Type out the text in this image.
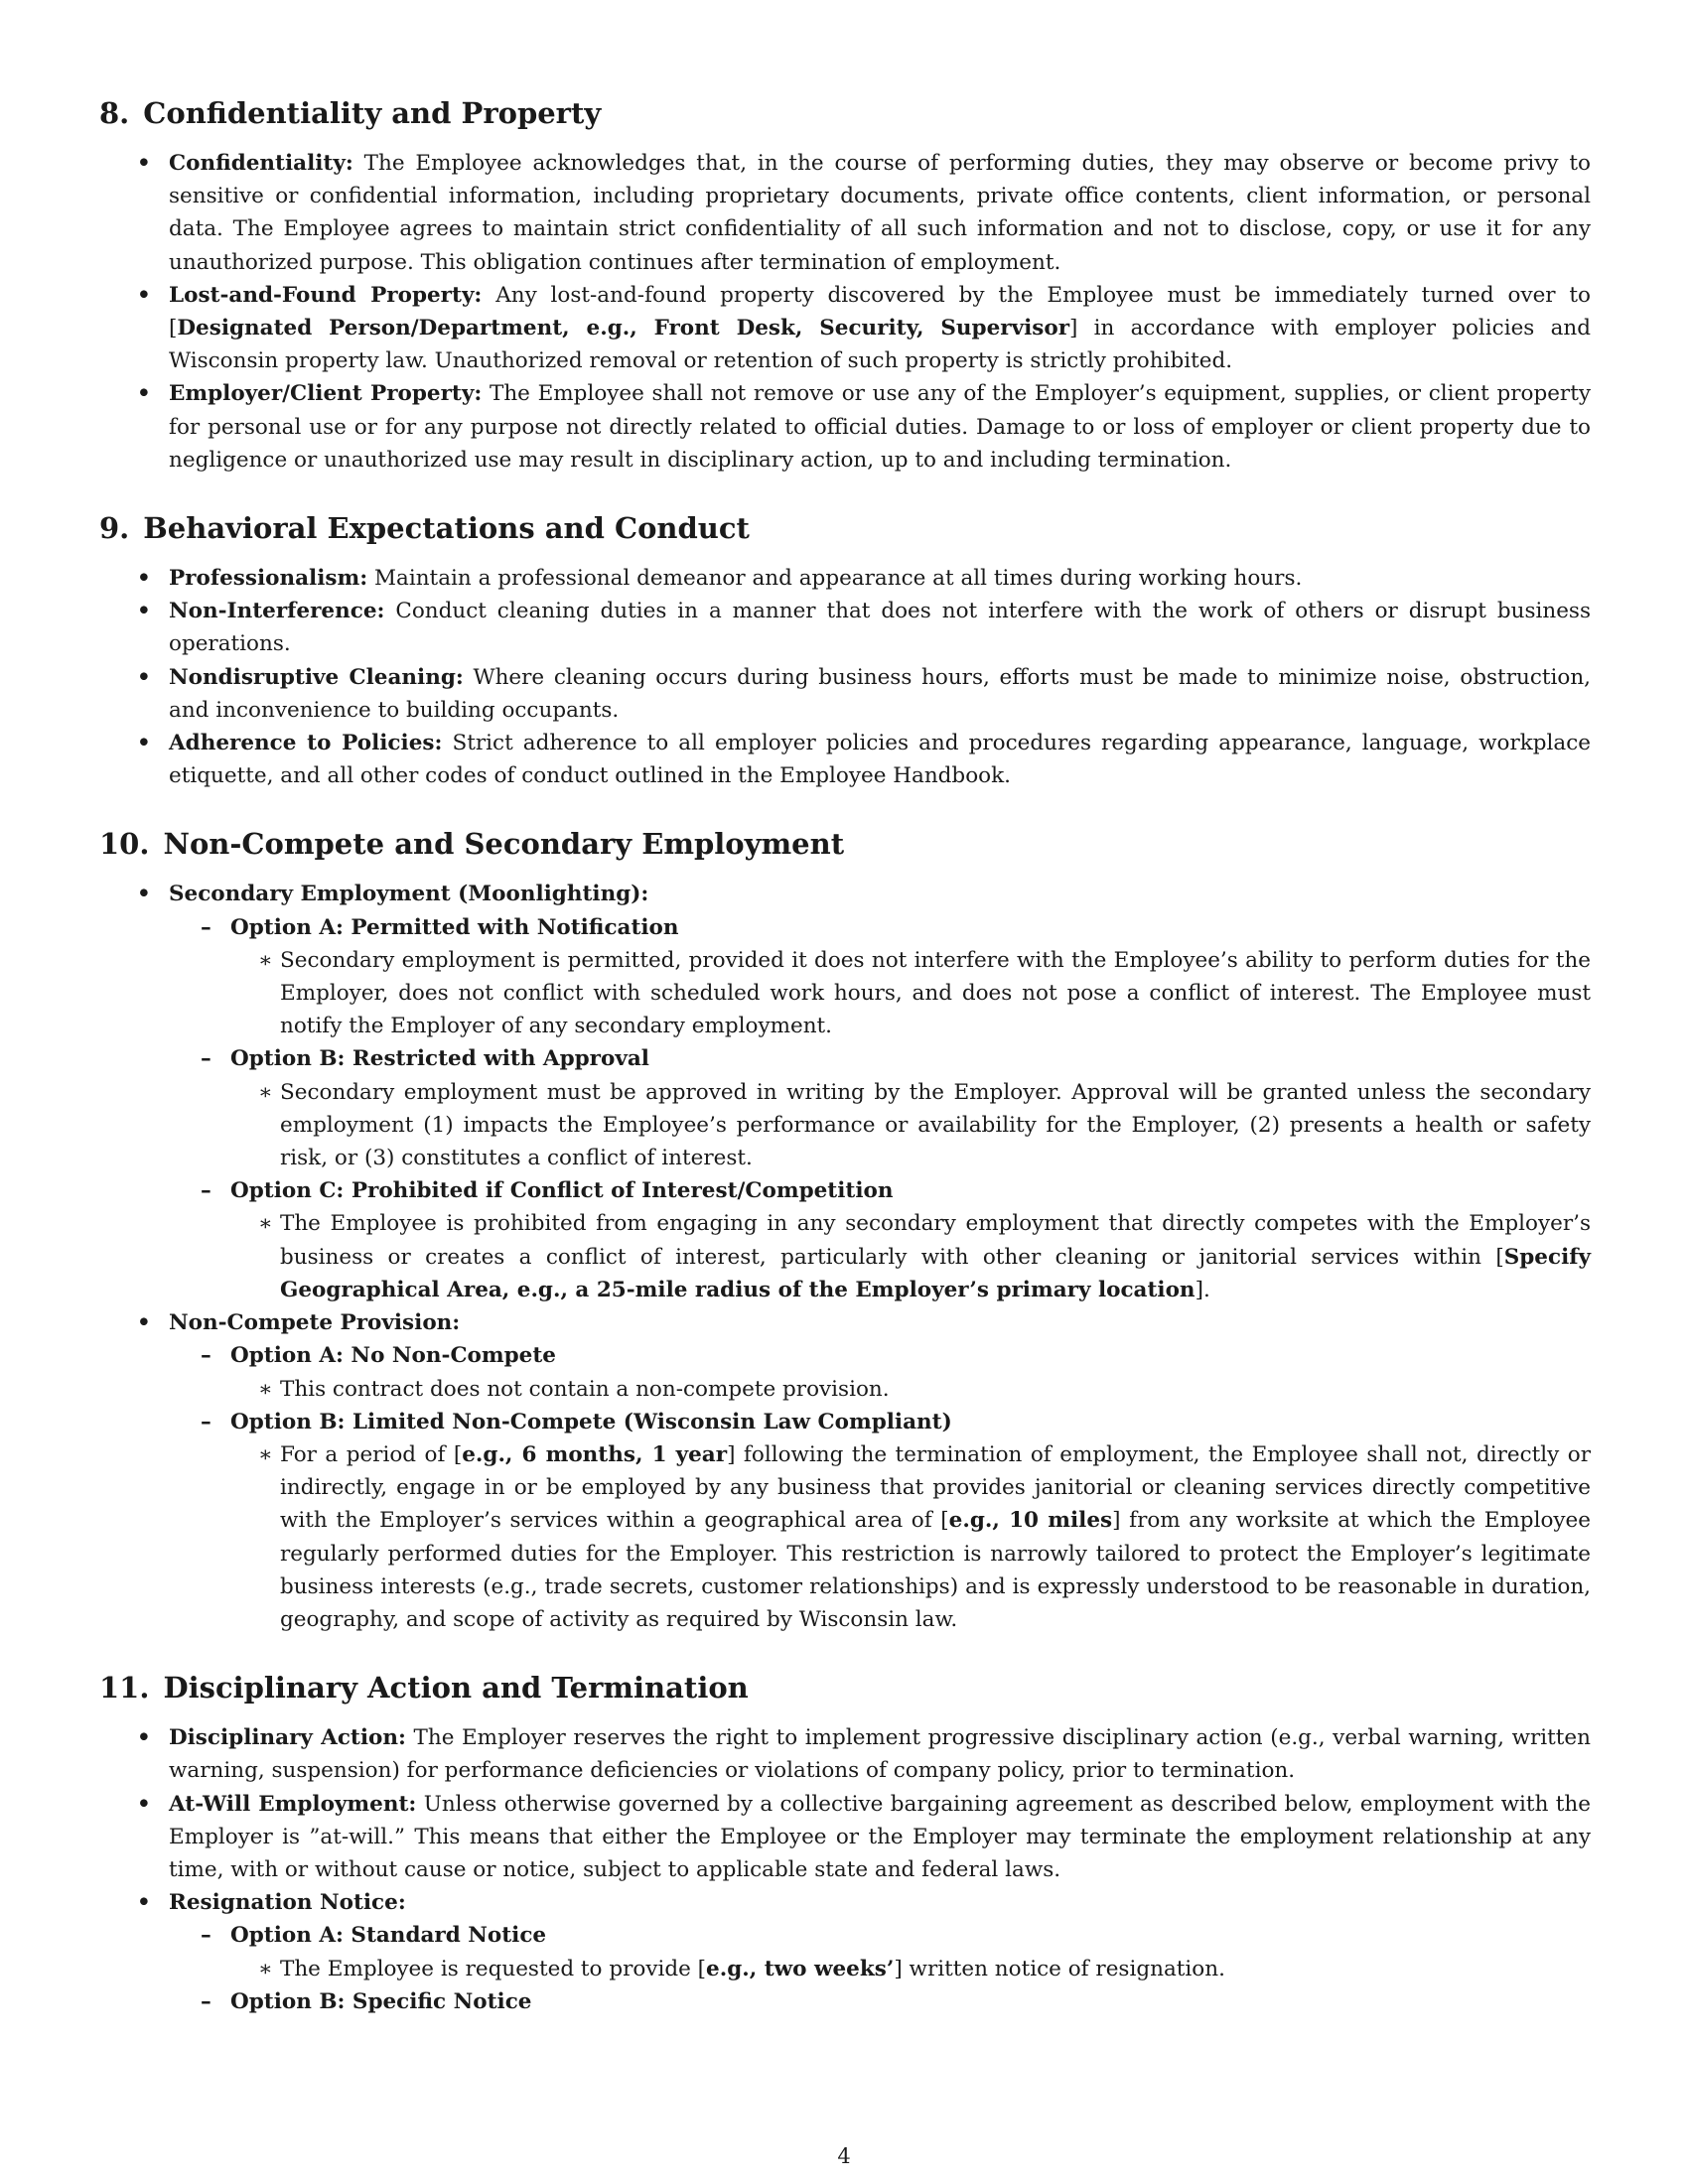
8. Confidentiality and Property
• Confidentiality: The Employee acknowledges that, in the course of performing duties, they may observe or become privy to sensitive or confidential information, including proprietary documents, private office contents, client information, or personal data. The Employee agrees to maintain strict confidentiality of all such information and not to disclose, copy, or use it for any unauthorized purpose. This obligation continues after termination of employment.
• Lost-and-Found Property: Any lost-and-found property discovered by the Employee must be immediately turned over to [Designated Person/Department, e.g., Front Desk, Security, Supervisor] in accordance with employer policies and Wisconsin property law. Unauthorized removal or retention of such property is strictly prohibited.
• Employer/Client Property: The Employee shall not remove or use any of the Employer’s equipment, supplies, or client property for personal use or for any purpose not directly related to official duties. Damage to or loss of employer or client property due to negligence or unauthorized use may result in disciplinary action, up to and including termination.
9. Behavioral Expectations and Conduct
• Professionalism: Maintain a professional demeanor and appearance at all times during working hours.
• Non-Interference: Conduct cleaning duties in a manner that does not interfere with the work of others or disrupt business operations.
• Nondisruptive Cleaning: Where cleaning occurs during business hours, efforts must be made to minimize noise, obstruction, and inconvenience to building occupants.
• Adherence to Policies: Strict adherence to all employer policies and procedures regarding appearance, language, workplace etiquette, and all other codes of conduct outlined in the Employee Handbook.
10. Non-Compete and Secondary Employment
• Secondary Employment (Moonlighting):
– Option A: Permitted with Notification
∗ Secondary employment is permitted, provided it does not interfere with the Employee’s ability to perform duties for the Employer, does not conflict with scheduled work hours, and does not pose a conflict of interest. The Employee must notify the Employer of any secondary employment.
– Option B: Restricted with Approval
∗ Secondary employment must be approved in writing by the Employer. Approval will be granted unless the secondary employment (1) impacts the Employee’s performance or availability for the Employer, (2) presents a health or safety risk, or (3) constitutes a conflict of interest.
– Option C: Prohibited if Conflict of Interest/Competition
∗ The Employee is prohibited from engaging in any secondary employment that directly competes with the Employer’s business or creates a conflict of interest, particularly with other cleaning or janitorial services within [Specify Geographical Area, e.g., a 25-mile radius of the Employer’s primary location].
• Non-Compete Provision:
– Option A: No Non-Compete
∗ This contract does not contain a non-compete provision.
– Option B: Limited Non-Compete (Wisconsin Law Compliant)
∗ For a period of [e.g., 6 months, 1 year] following the termination of employment, the Employee shall not, directly or indirectly, engage in or be employed by any business that provides janitorial or cleaning services directly competitive with the Employer’s services within a geographical area of [e.g., 10 miles] from any worksite at which the Employee regularly performed duties for the Employer. This restriction is narrowly tailored to protect the Employer’s legitimate business interests (e.g., trade secrets, customer relationships) and is expressly understood to be reasonable in duration, geography, and scope of activity as required by Wisconsin law.
11. Disciplinary Action and Termination
• Disciplinary Action: The Employer reserves the right to implement progressive disciplinary action (e.g., verbal warning, written warning, suspension) for performance deficiencies or violations of company policy, prior to termination.
• At-Will Employment: Unless otherwise governed by a collective bargaining agreement as described below, employment with the Employer is ”at-will.” This means that either the Employee or the Employer may terminate the employment relationship at any time, with or without cause or notice, subject to applicable state and federal laws.
• Resignation Notice:
– Option A: Standard Notice
∗ The Employee is requested to provide [e.g., two weeks’] written notice of resignation.
– Option B: Specific Notice
4
